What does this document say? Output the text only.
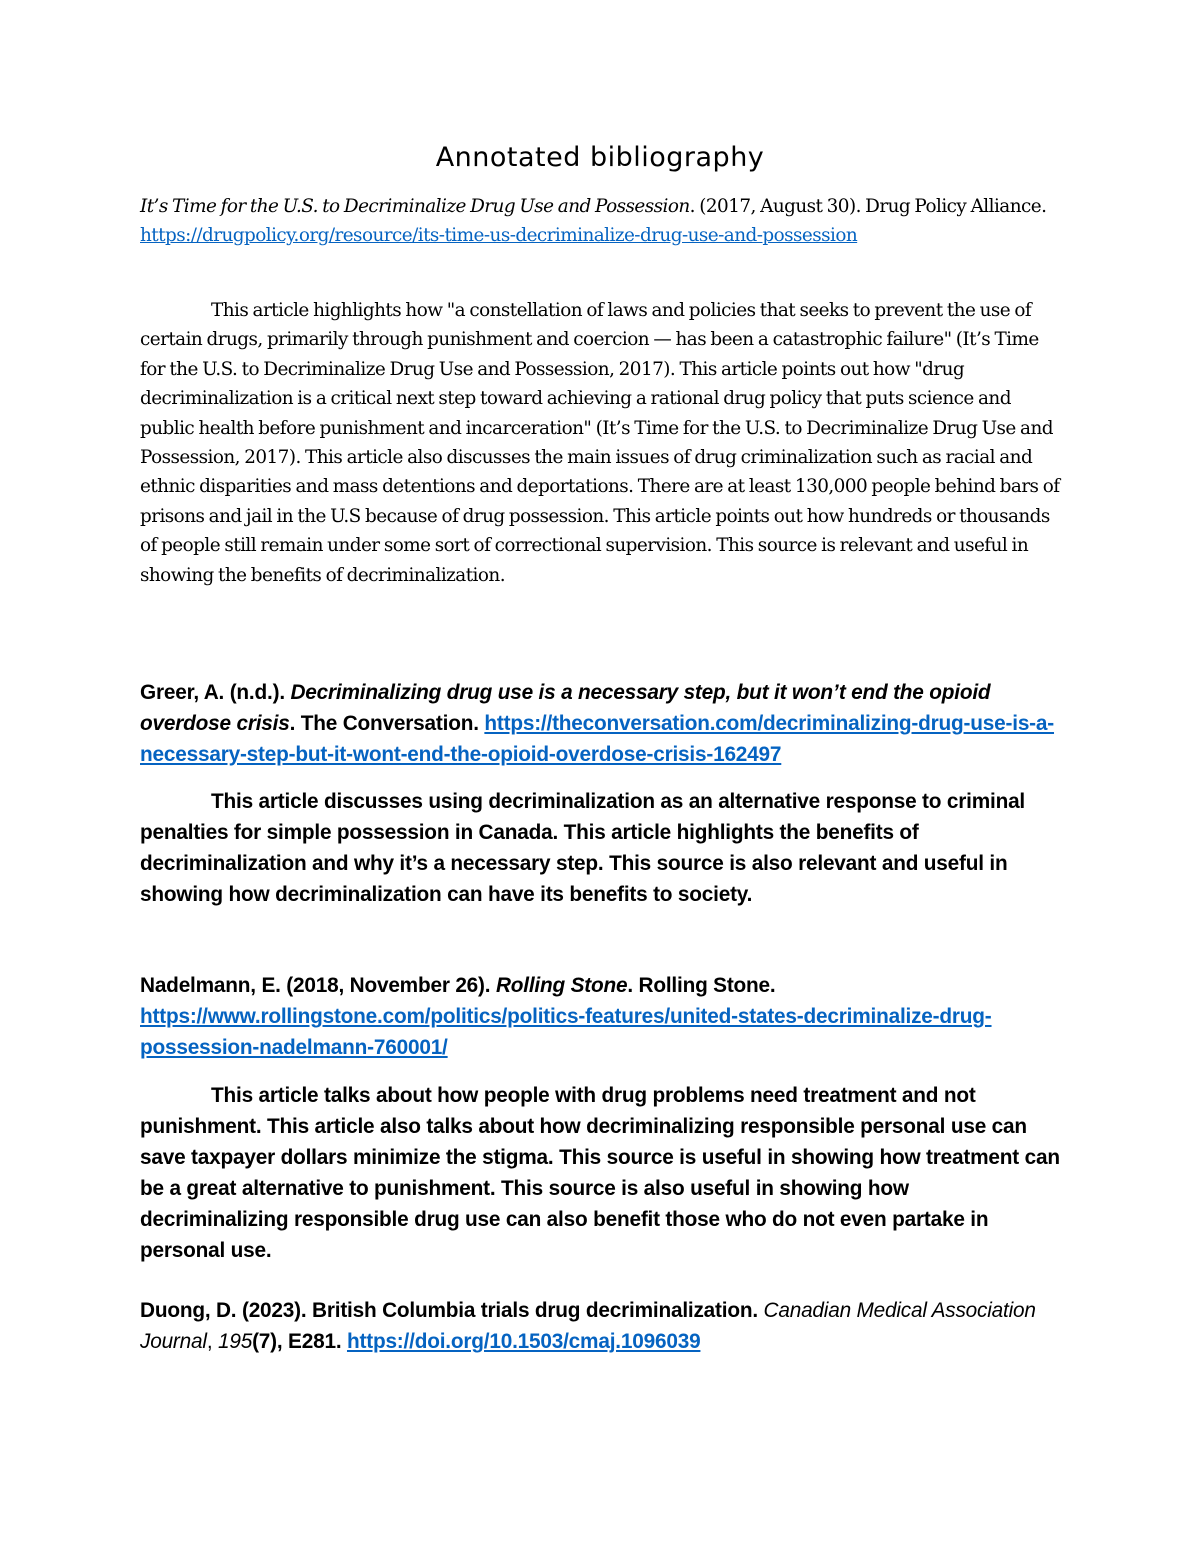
Annotated bibliography
It’s Time for the U.S. to Decriminalize Drug Use and Possession. (2017, August 30). Drug Policy Alliance. https://drugpolicy.org/resource/its-time-us-decriminalize-drug-use-and-possession
This article highlights how "a constellation of laws and policies that seeks to prevent the use of certain drugs, primarily through punishment and coercion — has been a catastrophic failure" (It’s Time for the U.S. to Decriminalize Drug Use and Possession, 2017). This article points out how "drug decriminalization is a critical next step toward achieving a rational drug policy that puts science and public health before punishment and incarceration" (It’s Time for the U.S. to Decriminalize Drug Use and Possession, 2017). This article also discusses the main issues of drug criminalization such as racial and ethnic disparities and mass detentions and deportations. There are at least 130,000 people behind bars of prisons and jail in the U.S because of drug possession. This article points out how hundreds or thousands of people still remain under some sort of correctional supervision. This source is relevant and useful in showing the benefits of decriminalization.
Greer, A. (n.d.). Decriminalizing drug use is a necessary step, but it won’t end the opioid overdose crisis. The Conversation. https://theconversation.com/decriminalizing-drug-use-is-a-necessary-step-but-it-wont-end-the-opioid-overdose-crisis-162497
This article discusses using decriminalization as an alternative response to criminal penalties for simple possession in Canada. This article highlights the benefits of decriminalization and why it’s a necessary step. This source is also relevant and useful in showing how decriminalization can have its benefits to society.
Nadelmann, E. (2018, November 26). Rolling Stone. Rolling Stone. https://www.rollingstone.com/politics/politics-features/united-states-decriminalize-drug-possession-nadelmann-760001/
This article talks about how people with drug problems need treatment and not punishment. This article also talks about how decriminalizing responsible personal use can save taxpayer dollars minimize the stigma. This source is useful in showing how treatment can be a great alternative to punishment. This source is also useful in showing how decriminalizing responsible drug use can also benefit those who do not even partake in personal use.
Duong, D. (2023). British Columbia trials drug decriminalization. Canadian Medical Association Journal, 195(7), E281. https://doi.org/10.1503/cmaj.1096039
